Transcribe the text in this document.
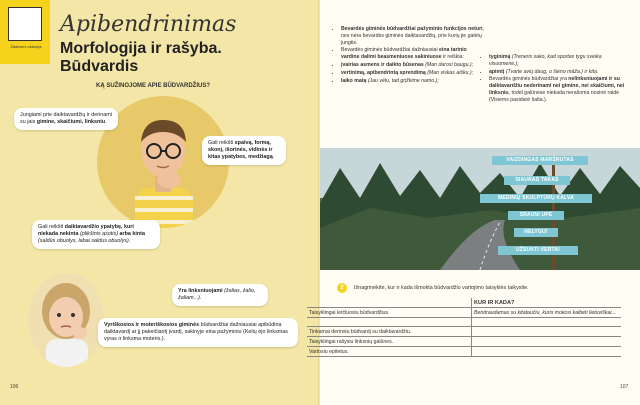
Žaidimai ir užduotys
Apibendrinimas
Morfologija ir rašyba.
Būdvardis
KĄ SUŽINOJOME APIE BŪDVARDŽIUS?
Jungiami prie daiktavardžių ir derinami su jais gimine, skaičiumi, linksniu.
Gali reikšti spalvą, formą, skonį, išorinės, vidinės ir kitas ypatybes, medžiagą.
Gali reikšti daiktavardžio ypatybę, kuri niekada nekinta (plikšinis ąsotis) arba kinta (saldūs obuolys, labai saldus obuolys).
Yra linksniuojami (žalias, žalio, žaliam...).
Vyriškosios ir moteriškosios giminės būdvardžiai dažniausiai apibūdina daiktavardį ar jį pakeičiantį įvardį, sakinyje eina pažyminiu (Kelių ėjo linksmas vyras ir linksma moteris.).
106
• Bevardės giminės būdvardžiai pažyminio funkcijos neturi, nes nėra bevardės giminės daiktavardžių, prie kurių jie galėtų jungtis.
• Bevardės giminės būdvardžiai dažniausiai eina tarinio vardine dalimi beasmeniuose sakiniuose ir reiškia:
• įvairias asmens ir daikto būsenas (Man darosi baugu.);
• vertinimą, apibendrintą sprendimą (Man viskas aišku.);
• laiko matą (Jau vėlu, tad grįžkime namo.);
• tyginimą (Treneris sako, kad sportas tygu sveika visuomenė.);
• apimtį (Tvarte avių daug, o šieno māža.) ir kita.
• Bevardės giminės būdvardžiai yra nelinksniuojami ir su daiktavardžiu nederinami nei gimine, nei skaičiumi, nei linksniu, todėl galūnėse niekada nerašoma nosinė raidė (Visiems pasidarė šalta.).
VAIZDINGAS MARŠRUTAS
SIAURAS TAKAS
MEDINIŲ SKULPTŪRŲ KALVA
SRAUNI UPĖ
NELYGU!
UŽSUKTI VERTA!
2	Išnagrinėkite, kur ir kada išmokta būdvardžio vartojimo taisyklės taikysite.
	KUR IR KADA?
Taisyklingai kirčiuosiu būdvardžius.	Bendraudamas su kitataučiu, kuris mokosi kalbėti lietuviškai...

Tinkamai derinsiu būdvardį su daiktavardžiu.	
Taisyklingai rašysiu linksnių galūnes.	
Vartosiu epitetus.	
107
